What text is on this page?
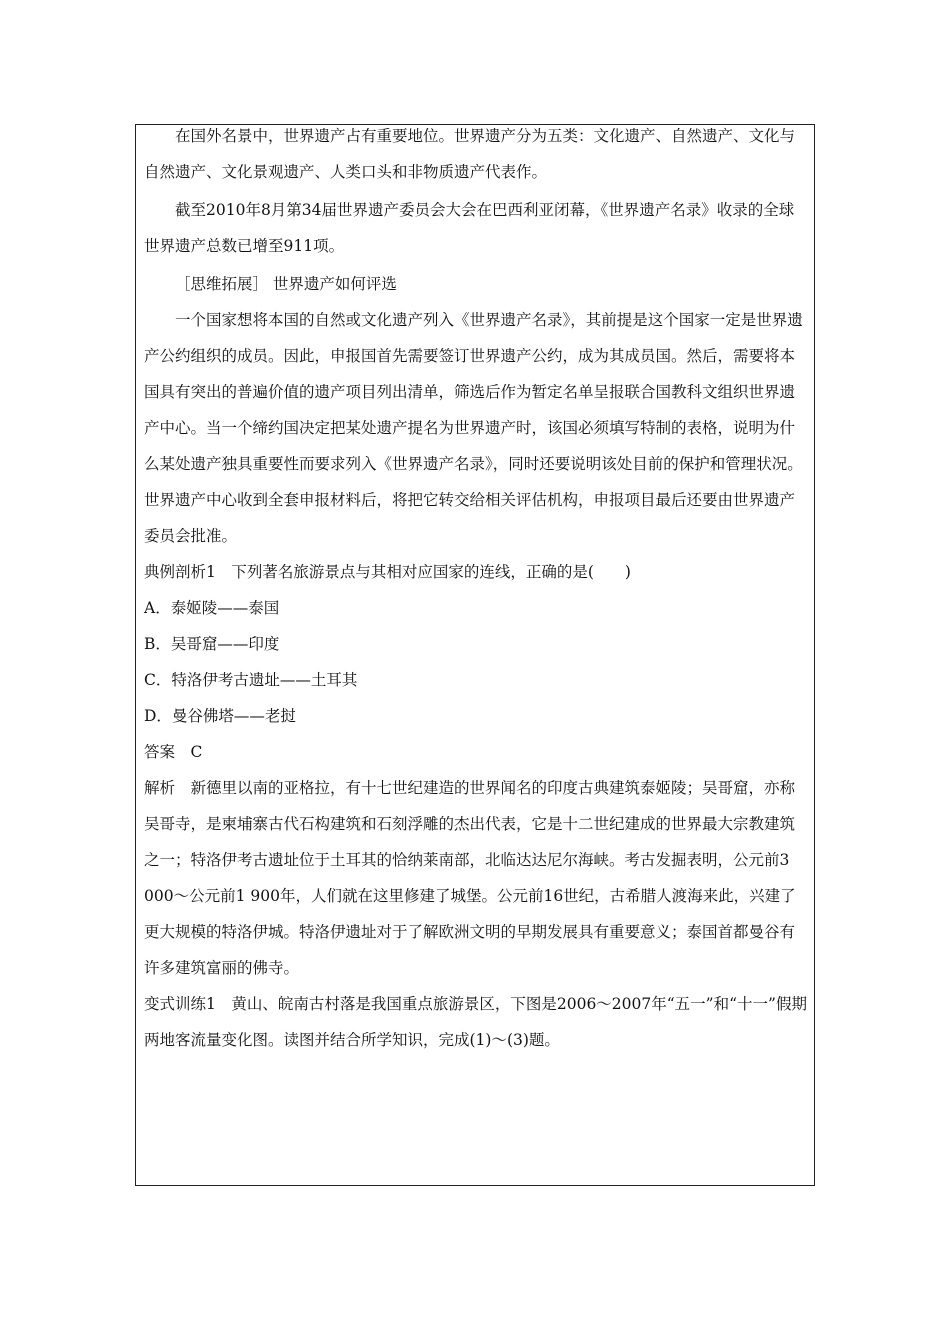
在国外名景中，世界遗产占有重要地位。世界遗产分为五类：文化遗产、自然遗产、文化与自然遗产、文化景观遗产、人类口头和非物质遗产代表作。

截至2010年8月第34届世界遗产委员会大会在巴西利亚闭幕，《世界遗产名录》收录的全球世界遗产总数已增至911项。

［思维拓展］ 世界遗产如何评选

一个国家想将本国的自然或文化遗产列入《世界遗产名录》，其前提是这个国家一定是世界遗产公约组织的成员。因此，申报国首先需要签订世界遗产公约，成为其成员国。然后，需要将本国具有突出的普遍价值的遗产项目列出清单，筛选后作为暂定名单呈报联合国教科文组织世界遗产中心。当一个缔约国决定把某处遗产提名为世界遗产时，该国必须填写特制的表格，说明为什么某处遗产独具重要性而要求列入《世界遗产名录》，同时还要说明该处目前的保护和管理状况。世界遗产中心收到全套申报材料后，将把它转交给相关评估机构，申报项目最后还要由世界遗产委员会批准。

典例剖析1　下列著名旅游景点与其相对应国家的连线，正确的是(　　)

A．泰姬陵——泰国

B．吴哥窟——印度

C．特洛伊考古遗址——土耳其

D．曼谷佛塔——老挝

答案　C

解析　新德里以南的亚格拉，有十七世纪建造的世界闻名的印度古典建筑泰姬陵；吴哥窟，亦称吴哥寺，是柬埔寨古代石构建筑和石刻浮雕的杰出代表，它是十二世纪建成的世界最大宗教建筑之一；特洛伊考古遗址位于土耳其的恰纳莱南部，北临达达尼尔海峡。考古发掘表明，公元前3 000～公元前1 900年，人们就在这里修建了城堡。公元前16世纪，古希腊人渡海来此，兴建了更大规模的特洛伊城。特洛伊遗址对于了解欧洲文明的早期发展具有重要意义；泰国首都曼谷有许多建筑富丽的佛寺。

变式训练1　黄山、皖南古村落是我国重点旅游景区，下图是2006～2007年“五一”和“十一”假期两地客流量变化图。读图并结合所学知识，完成(1)～(3)题。
